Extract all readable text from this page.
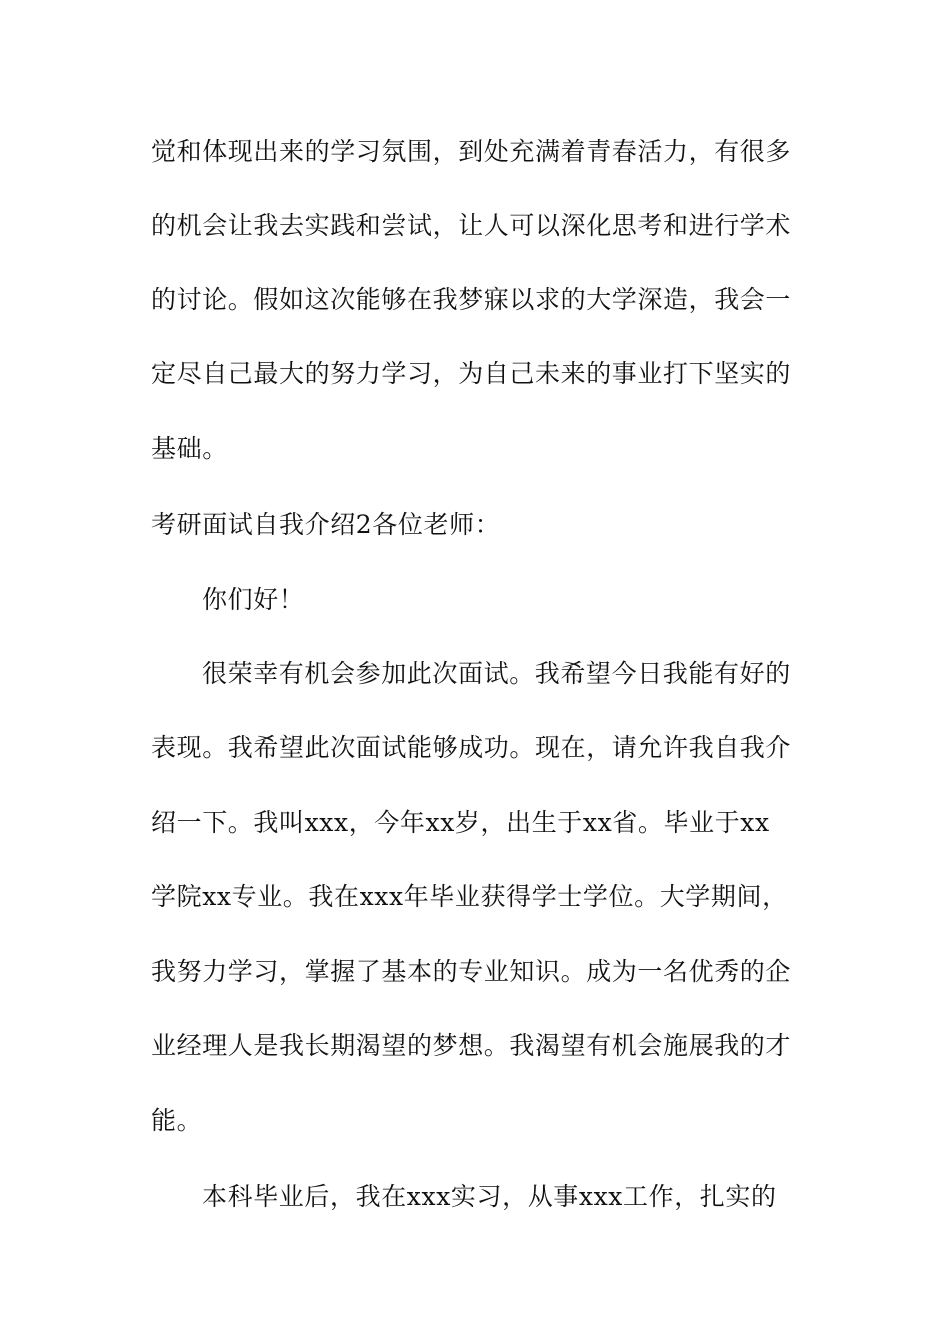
觉和体现出来的学习氛围，到处充满着青春活力，有很多
的机会让我去实践和尝试，让人可以深化思考和进行学术
的讨论。假如这次能够在我梦寐以求的大学深造，我会一
定尽自己最大的努力学习，为自己未来的事业打下坚实的
基础。
考研面试自我介绍2各位老师：
你们好！
很荣幸有机会参加此次面试。我希望今日我能有好的
表现。我希望此次面试能够成功。现在，请允许我自我介
绍一下。我叫xxx，今年xx岁，出生于xx省。毕业于xx
学院xx专业。我在xxx年毕业获得学士学位。大学期间，
我努力学习，掌握了基本的专业知识。成为一名优秀的企
业经理人是我长期渴望的梦想。我渴望有机会施展我的才
能。
本科毕业后，我在xxx实习，从事xxx工作，扎实的
